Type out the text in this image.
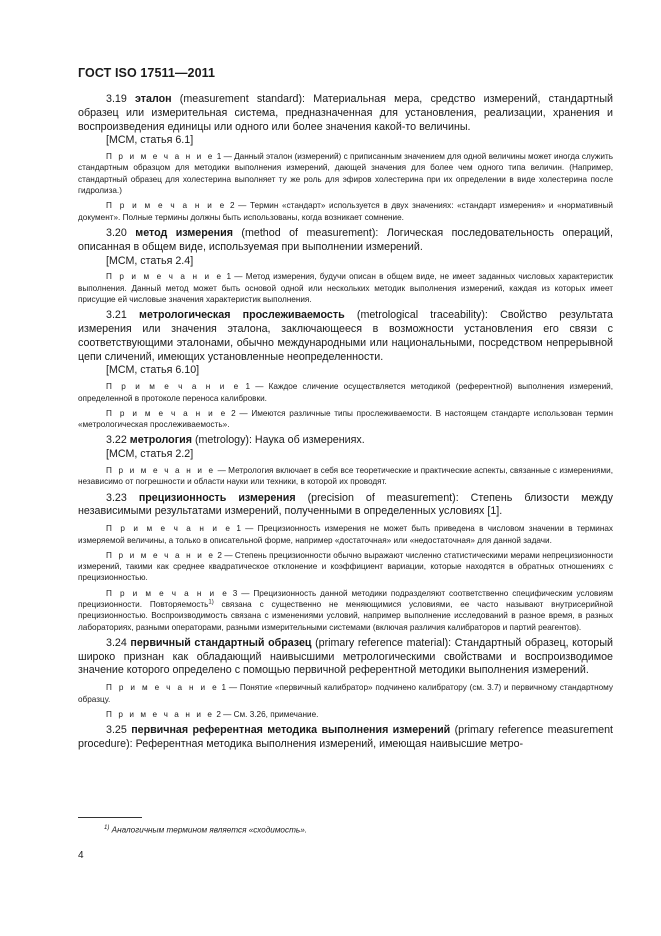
ГОСТ ISO 17511—2011

3.19 эталон (measurement standard): Материальная мера, средство измерений, стандартный образец или измерительная система, предназначенная для установления, реализации, хранения и воспроизведения единицы или одного или более значения какой-то величины.

[МСМ, статья 6.1]

П р и м е ч а н и е 1 — Данный эталон (измерений) с приписанным значением для одной величины может иногда служить стандартным образцом для методики выполнения измерений, дающей значения для более чем одного типа величин. (Например, стандартный образец для холестерина выполняет ту же роль для эфиров холестерина при их определении в виде холестерина после гидролиза.)

П р и м е ч а н и е 2 — Термин «стандарт» используется в двух значениях: «стандарт измерения» и «нормативный документ». Полные термины должны быть использованы, когда возникает сомнение.

3.20 метод измерения (method of measurement): Логическая последовательность операций, описанная в общем виде, используемая при выполнении измерений.

[МСМ, статья 2.4]

П р и м е ч а н и е 1 — Метод измерения, будучи описан в общем виде, не имеет заданных числовых характеристик выполнения. Данный метод может быть основой одной или нескольких методик выполнения измерений, каждая из которых имеет присущие ей числовые значения характеристик выполнения.

3.21 метрологическая прослеживаемость (metrological traceability): Свойство результата измерения или значения эталона, заключающееся в возможности установления его связи с соответствующими эталонами, обычно международными или национальными, посредством непрерывной цепи сличений, имеющих установленные неопределенности.

[МСМ, статья 6.10]

П р и м е ч а н и е 1 — Каждое сличение осуществляется методикой (референтной) выполнения измерений, определенной в протоколе переноса калибровки.

П р и м е ч а н и е 2 — Имеются различные типы прослеживаемости. В настоящем стандарте использован термин «метрологическая прослеживаемость».

3.22 метрология (metrology): Наука об измерениях.

[МСМ, статья 2.2]

П р и м е ч а н и е — Метрология включает в себя все теоретические и практические аспекты, связанные с измерениями, независимо от погрешности и области науки или техники, в которой их проводят.

3.23 прецизионность измерения (precision of measurement): Степень близости между независимыми результатами измерений, полученными в определенных условиях [1].

П р и м е ч а н и е 1 — Прецизионность измерения не может быть приведена в числовом значении в терминах измеряемой величины, а только в описательной форме, например «достаточная» или «недостаточная» для данной задачи.

П р и м е ч а н и е 2 — Степень прецизионности обычно выражают численно статистическими мерами непрецизионности измерений, такими как среднее квадратическое отклонение и коэффициент вариации, которые находятся в обратных отношениях с прецизионностью.

П р и м е ч а н и е 3 — Прецизионность данной методики подразделяют соответственно специфическим условиям прецизионности. Повторяемость$^{1)}$ связана с существенно не меняющимися условиями, ее часто называют внутрисерийной прецизионностью. Воспроизводимость связана с изменениями условий, например выполнение исследований в разное время, в разных лабораториях, разными операторами, разными измерительными системами (включая различия калибраторов и партий реагентов).

3.24 первичный стандартный образец (primary reference material): Стандартный образец, который широко признан как обладающий наивысшими метрологическими свойствами и воспроизводимое значение которого определено с помощью первичной референтной методики выполнения измерений.

П р и м е ч а н и е 1 — Понятие «первичный калибратор» подчинено калибратору (см. 3.7) и первичному стандартному образцу.

П р и м е ч а н и е 2 — См. 3.26, примечание.

3.25 первичная референтная методика выполнения измерений (primary reference measurement procedure): Референтная методика выполнения измерений, имеющая наивысшие метро-

$^{1)}$ Аналогичным термином является «сходимость».
4
